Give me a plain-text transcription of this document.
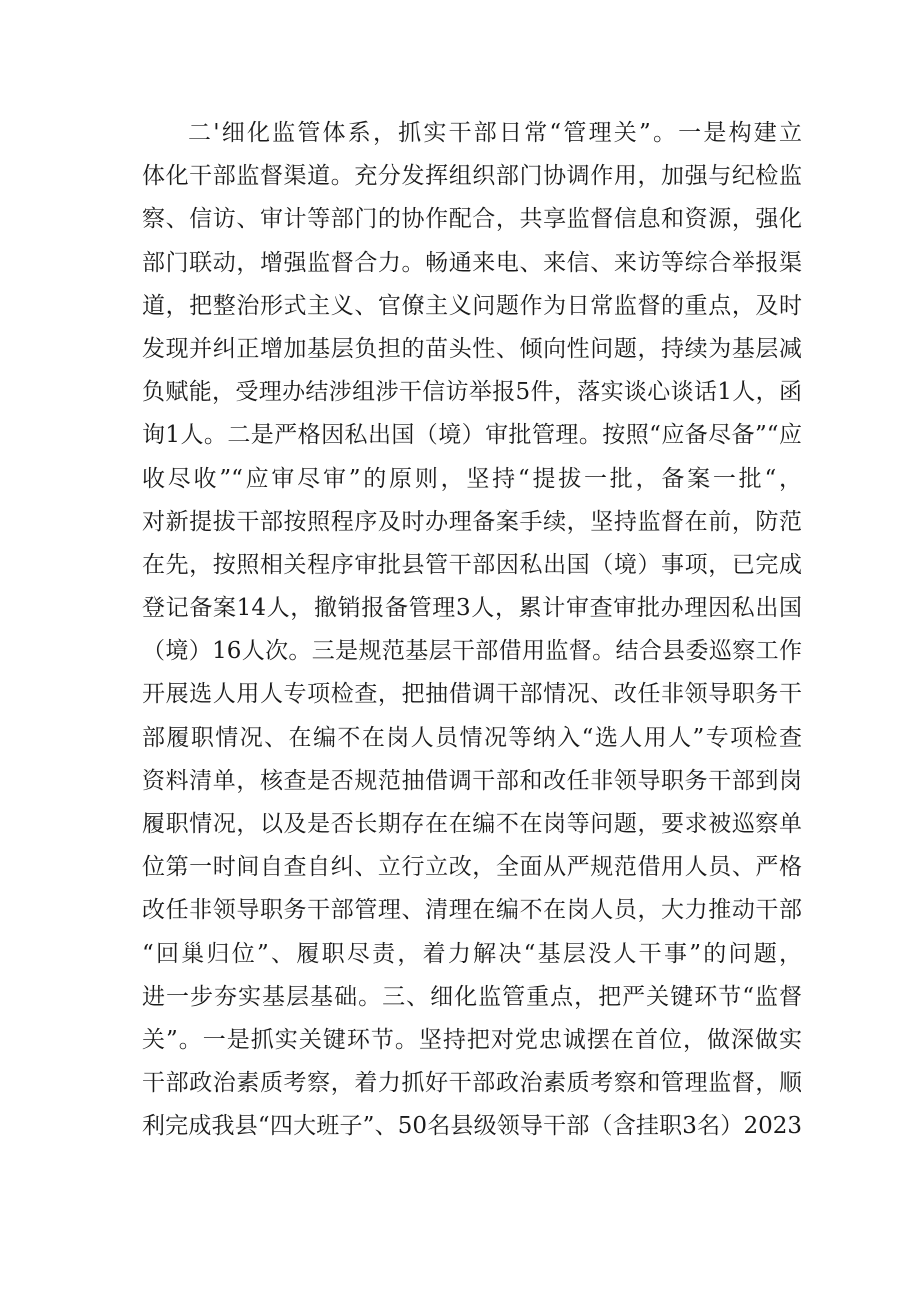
二'细化监管体系，抓实干部日常“管理关”。一是构建立
体化干部监督渠道。充分发挥组织部门协调作用，加强与纪检监
察、信访、审计等部门的协作配合，共享监督信息和资源，强化
部门联动，增强监督合力。畅通来电、来信、来访等综合举报渠
道，把整治形式主义、官僚主义问题作为日常监督的重点，及时
发现并纠正增加基层负担的苗头性、倾向性问题，持续为基层减
负赋能，受理办结涉组涉干信访举报5件，落实谈心谈话1人，函
询1人。二是严格因私出国（境）审批管理。按照“应备尽备”“应
收尽收”“应审尽审”的原则，坚持“提拔一批，备案一批“，
对新提拔干部按照程序及时办理备案手续，坚持监督在前，防范
在先，按照相关程序审批县管干部因私出国（境）事项，已完成
登记备案14人，撤销报备管理3人，累计审查审批办理因私出国
（境）16人次。三是规范基层干部借用监督。结合县委巡察工作
开展选人用人专项检查，把抽借调干部情况、改任非领导职务干
部履职情况、在编不在岗人员情况等纳入“选人用人”专项检查
资料清单，核查是否规范抽借调干部和改任非领导职务干部到岗
履职情况，以及是否长期存在在编不在岗等问题，要求被巡察单
位第一时间自查自纠、立行立改，全面从严规范借用人员、严格
改任非领导职务干部管理、清理在编不在岗人员，大力推动干部
“回巢归位”、履职尽责，着力解决“基层没人干事”的问题，
进一步夯实基层基础。三、细化监管重点，把严关键环节“监督
关”。一是抓实关键环节。坚持把对党忠诚摆在首位，做深做实
干部政治素质考察，着力抓好干部政治素质考察和管理监督，顺
利完成我县“四大班子”、50名县级领导干部（含挂职3名）2023
